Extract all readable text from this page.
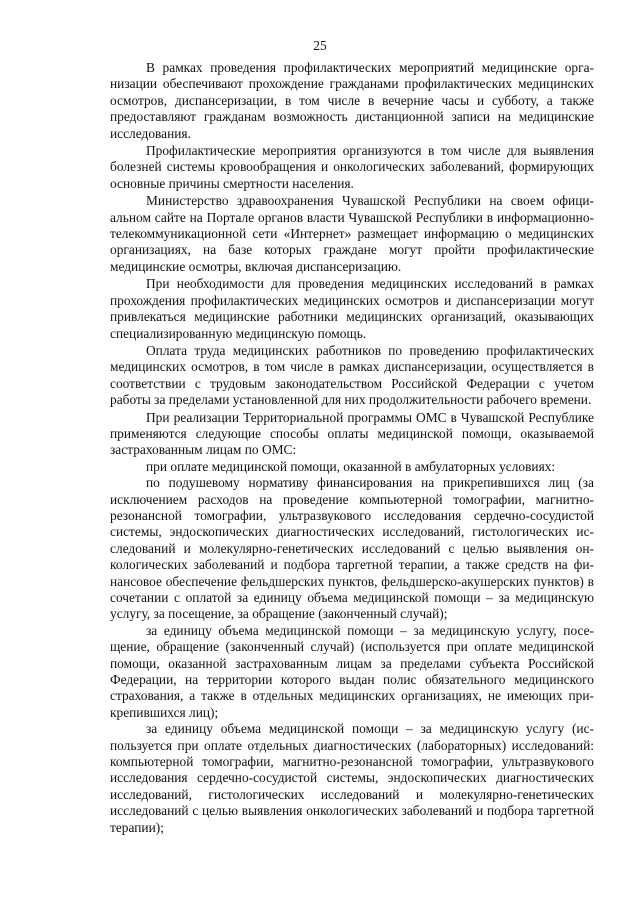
25

В рамках проведения профилактических мероприятий медицинские организации обеспечивают прохождение гражданами профилактических медицинских осмотров, диспансеризации, в том числе в вечерние часы и субботу, а также предоставляют гражданам возможность дистанционной записи на медицинские исследования.

Профилактические мероприятия организуются в том числе для выявления болезней системы кровообращения и онкологических заболеваний, формирующих основные причины смертности населения.

Министерство здравоохранения Чувашской Республики на своем официальном сайте на Портале органов власти Чувашской Республики в информационно-телекоммуникационной сети «Интернет» размещает информацию о медицинских организациях, на базе которых граждане могут пройти профилактические медицинские осмотры, включая диспансеризацию.

При необходимости для проведения медицинских исследований в рамках прохождения профилактических медицинских осмотров и диспансеризации могут привлекаться медицинские работники медицинских организаций, оказывающих специализированную медицинскую помощь.

Оплата труда медицинских работников по проведению профилактических медицинских осмотров, в том числе в рамках диспансеризации, осуществляется в соответствии с трудовым законодательством Российской Федерации с учетом работы за пределами установленной для них продолжительности рабочего времени.

При реализации Территориальной программы ОМС в Чувашской Республике применяются следующие способы оплаты медицинской помощи, оказываемой застрахованным лицам по ОМС:

при оплате медицинской помощи, оказанной в амбулаторных условиях:

по подушевому нормативу финансирования на прикрепившихся лиц (за исключением расходов на проведение компьютерной томографии, магнитно-резонансной томографии, ультразвукового исследования сердечно-сосудистой системы, эндоскопических диагностических исследований, гистологических исследований и молекулярно-генетических исследований с целью выявления онкологических заболеваний и подбора таргетной терапии, а также средств на финансовое обеспечение фельдшерских пунктов, фельдшерско-акушерских пунктов) в сочетании с оплатой за единицу объема медицинской помощи – за медицинскую услугу, за посещение, за обращение (законченный случай);

за единицу объема медицинской помощи – за медицинскую услугу, посещение, обращение (законченный случай) (используется при оплате медицинской помощи, оказанной застрахованным лицам за пределами субъекта Российской Федерации, на территории которого выдан полис обязательного медицинского страхования, а также в отдельных медицинских организациях, не имеющих прикрепившихся лиц);

за единицу объема медицинской помощи – за медицинскую услугу (используется при оплате отдельных диагностических (лабораторных) исследований: компьютерной томографии, магнитно-резонансной томографии, ультразвукового исследования сердечно-сосудистой системы, эндоскопических диагностических исследований, гистологических исследований и молекулярно-генетических исследований с целью выявления онкологических заболеваний и подбора таргетной терапии);
